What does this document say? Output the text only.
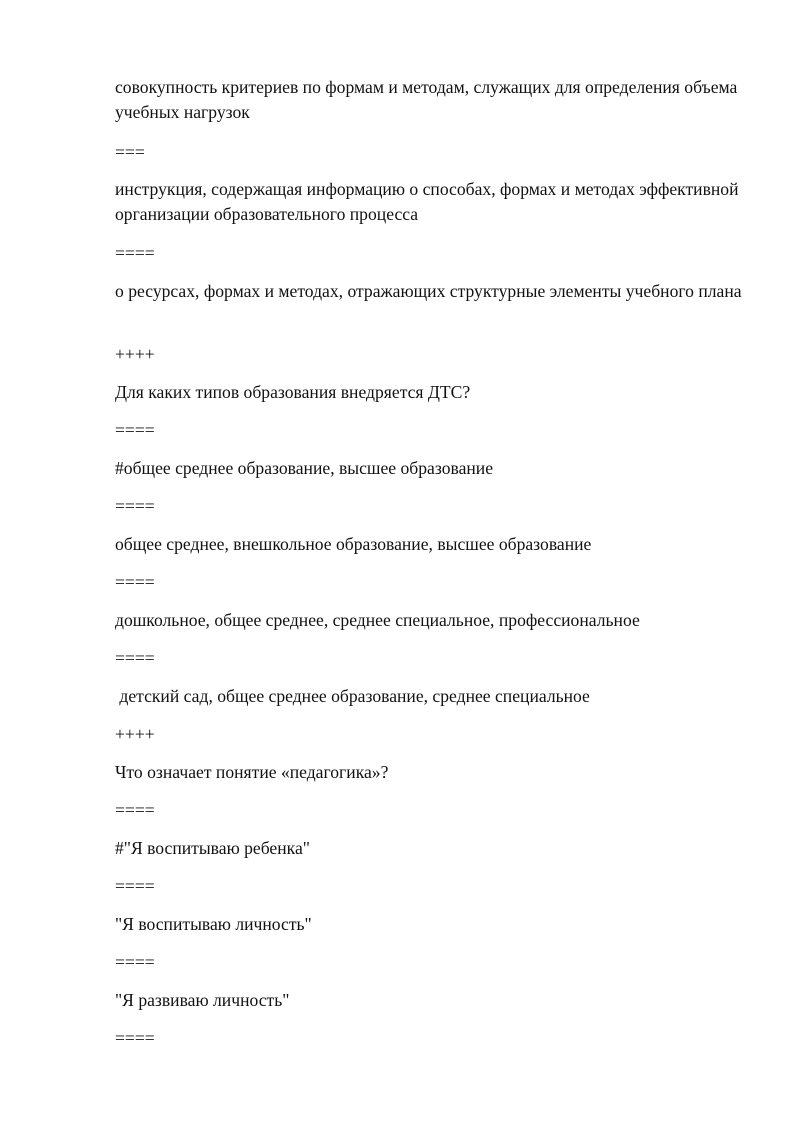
совокупность критериев по формам и методам, служащих для определения объема учебных нагрузок

===

инструкция, содержащая информацию о способах, формах и методах эффективной организации образовательного процесса

====

о ресурсах, формах и методах, отражающих структурные элементы учебного плана

++++

Для каких типов образования внедряется ДТС?

====

#общее среднее образование, высшее образование

====

общее среднее, внешкольное образование, высшее образование

====

дошкольное, общее среднее, среднее специальное, профессиональное

====

детский сад, общее среднее образование, среднее специальное

++++

Что означает понятие «педагогика»?

====

#"Я воспитываю ребенка"

====

"Я воспитываю личность"

====

"Я развиваю личность"

====
